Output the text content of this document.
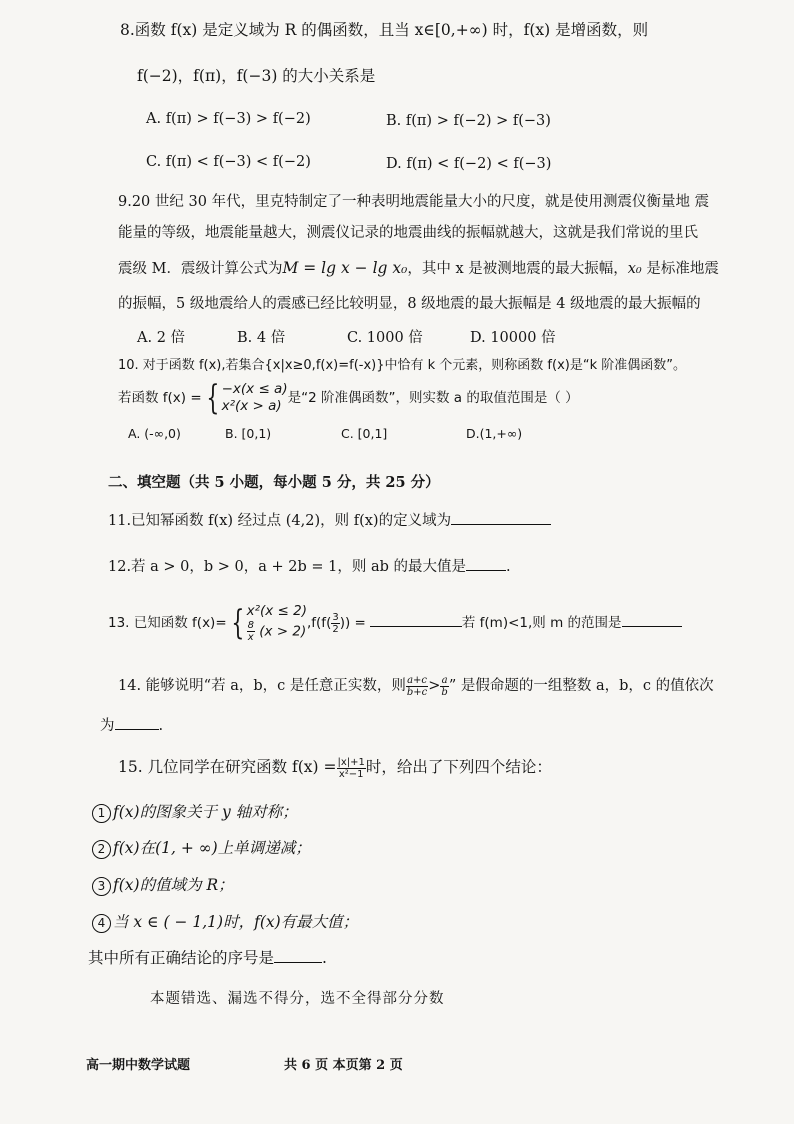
8.函数 f(x) 是定义域为 R 的偶函数，且当 x∈[0,+∞) 时，f(x) 是增函数，则
f(−2)，f(π)，f(−3) 的大小关系是
A. f(π) > f(−3) > f(−2)	B. f(π) > f(−2) > f(−3)
C. f(π) < f(−3) < f(−2)	D. f(π) < f(−2) < f(−3)
9.20 世纪 30 年代，里克特制定了一种表明地震能量大小的尺度，就是使用测震仪衡量地 震
能量的等级，地震能量越大，测震仪记录的地震曲线的振幅就越大，这就是我们常说的里氏
震级 M．震级计算公式为M = lg x − lg x₀，其中 x 是被测地震的最大振幅，x₀ 是标准地震
的振幅，5 级地震给人的震感已经比较明显，8 级地震的最大振幅是 4 级地震的最大振幅的
A. 2 倍	B. 4 倍	C. 1000 倍	D. 10000 倍
10. 对于函数 f(x),若集合{x|x≥0,f(x)=f(-x)}中恰有 k 个元素，则称函数 f(x)是“k 阶准偶函数”。
若函数 f(x) = { −x(x ≤ a)
x²(x > a) 是“2 阶准偶函数”，则实数 a 的取值范围是（ ）
A. (-∞,0)	B. [0,1)	C. [0,1]	D.(1,+∞)
二、填空题（共 5 小题，每小题 5 分，共 25 分）
11.已知幂函数 f(x) 经过点 (4,2)，则 f(x)的定义域为
12.若 a > 0，b > 0，a + 2b = 1，则 ab 的最大值是	.
13. 已知函数 f(x)= { x²(x ≤ 2)
$\frac{8}{x} (x > 2)$
$,f(f( \frac{3}{2}$ )) =	若 f(m)<1,则 m 的范围是
14. 能够说明“若 a，b，c 是任意正实数，则 $\frac{a+c}{b+c} > \frac{a}{b}$ ” 是假命题的一组整数 a，b，c 的值依次
为	.
15. 几位同学在研究函数 $f(x) = \frac{|x|+1}{\text{x²−1}}$ 时，给出了下列四个结论：
1 f(x)的图象关于 y 轴对称；
2 f(x)在(1, + ∞)上单调递减；
3 f(x)的值域为 R；
4 当 x ∈ ( − 1,1)时，f(x)有最大值；
其中所有正确结论的序号是	.
本题错选、漏选不得分，选不全得部分分数
高一期中数学试题	共 6 页 本页第 2 页
